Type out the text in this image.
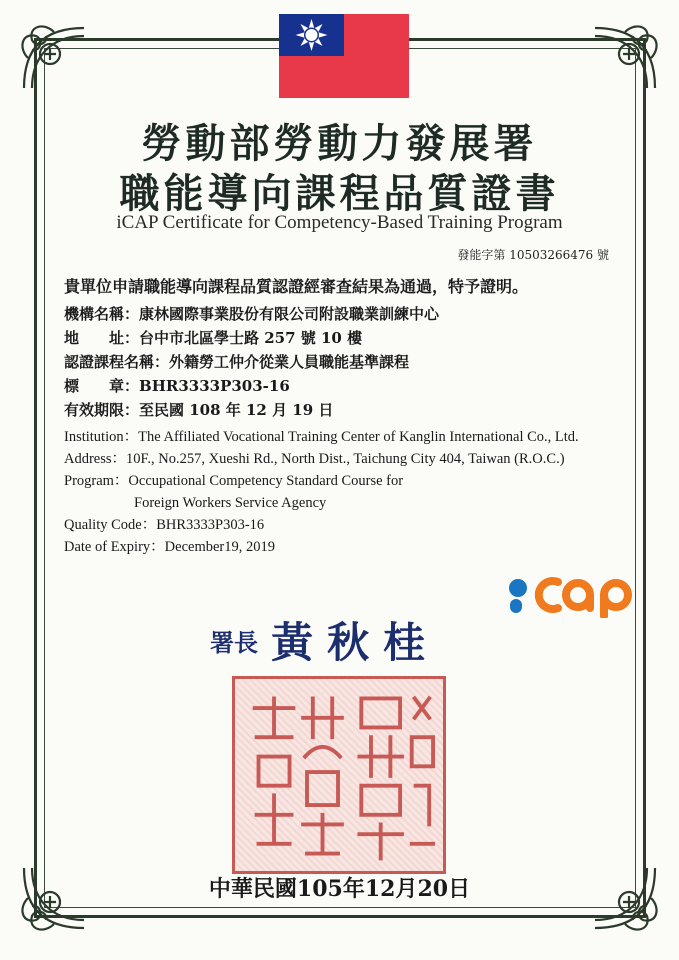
勞動部勞動力發展署
職能導向課程品質證書
iCAP Certificate for Competency-Based Training Program
發能字第 10503266476 號
貴單位申請職能導向課程品質認證經審查結果為通過，特予證明。
機構名稱：康林國際事業股份有限公司附設職業訓練中心
地　　址：台中市北區學士路 257 號 10 樓
認證課程名稱：外籍勞工仲介從業人員職能基準課程
標　　章：BHR3333P303-16
有效期限：至民國 108 年 12 月 19 日
Institution：The Affiliated Vocational Training Center of Kanglin International Co., Ltd.
Address：10F., No.257, Xueshi Rd., North Dist., Taichung City 404, Taiwan (R.O.C.)
Program：Occupational Competency Standard Course for
Foreign Workers Service Agency
Quality Code：BHR3333P303-16
Date of Expiry：December19, 2019
署長 黃秋桂
中華民國105年12月20日
